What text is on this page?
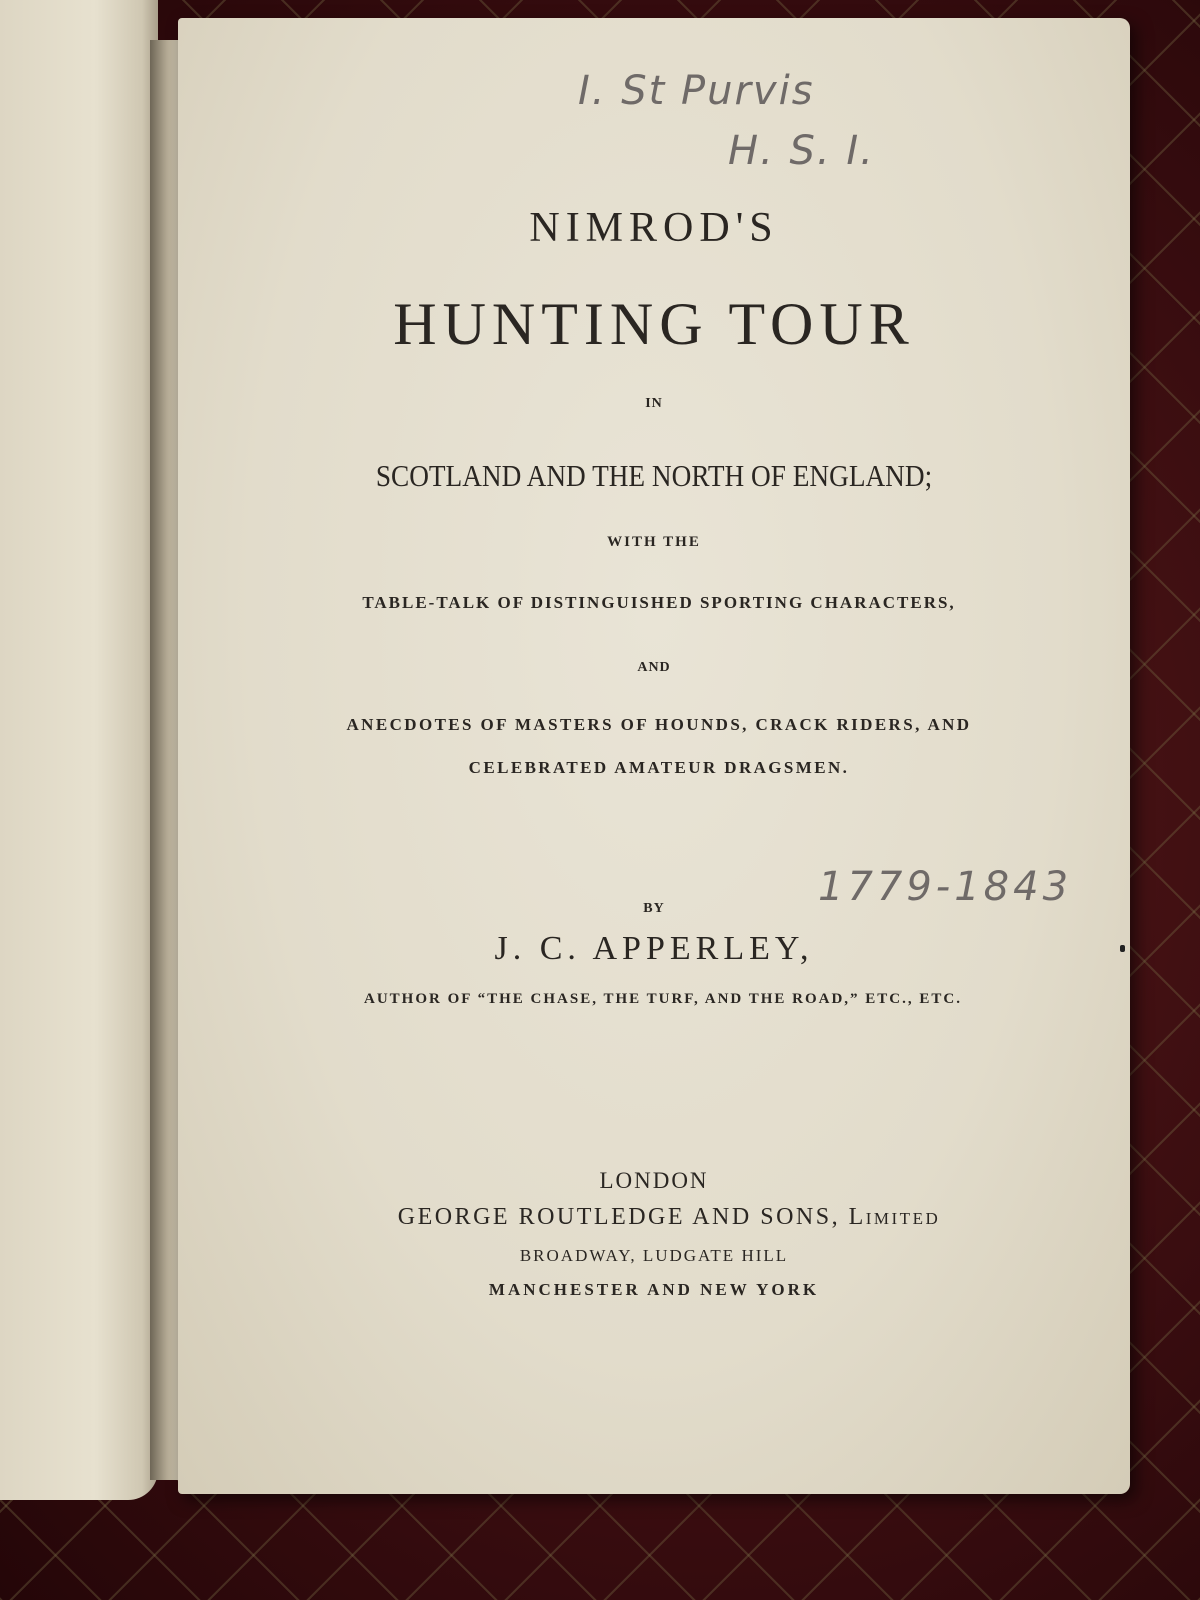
I. St Purvis
H. S. I.
NIMROD'S
HUNTING TOUR
IN
SCOTLAND AND THE NORTH OF ENGLAND;
WITH THE
TABLE-TALK OF DISTINGUISHED SPORTING CHARACTERS,
AND
ANECDOTES OF MASTERS OF HOUNDS, CRACK RIDERS, AND
CELEBRATED AMATEUR DRAGSMEN.
1779-1843
BY
J. C. APPERLEY,
AUTHOR OF “THE CHASE, THE TURF, AND THE ROAD,” ETC., ETC.
LONDON
GEORGE ROUTLEDGE AND SONS, Limited
BROADWAY, LUDGATE HILL
MANCHESTER AND NEW YORK
